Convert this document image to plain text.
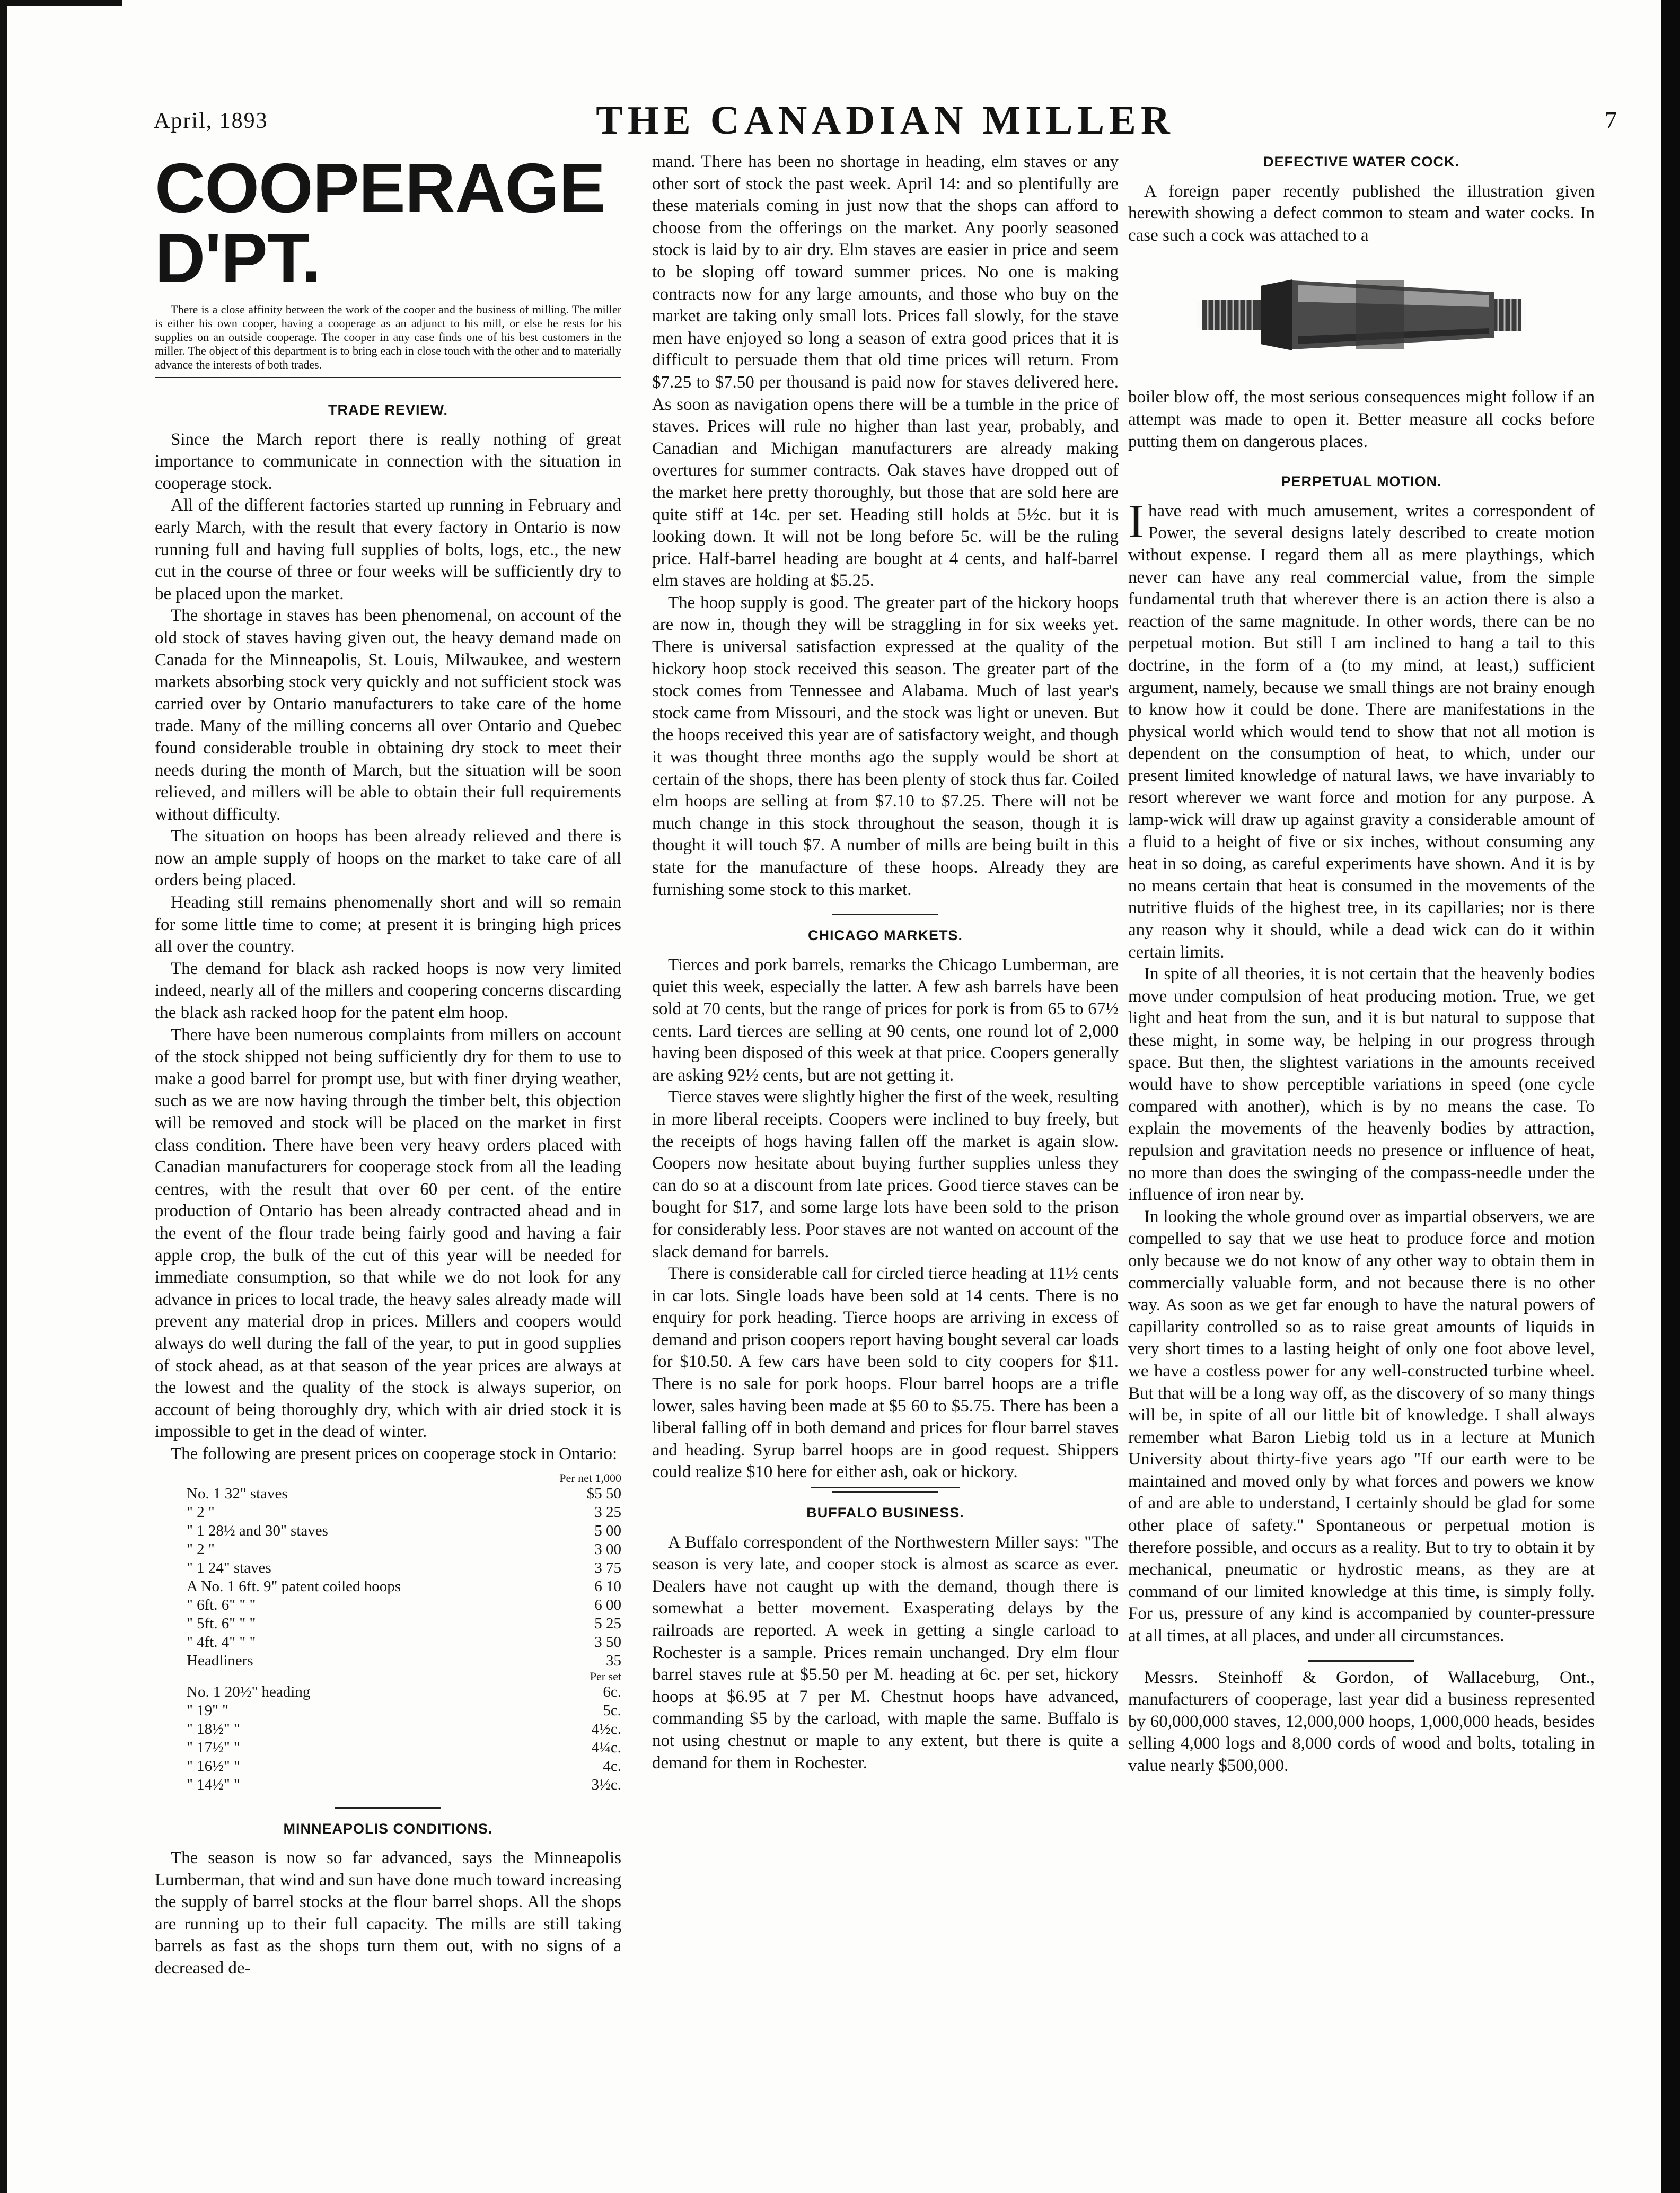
April, 1893	THE CANADIAN MILLER	7
COOPERAGE D'PT.

There is a close affinity between the work of the cooper and the business of milling. The miller is either his own cooper, having a cooperage as an adjunct to his mill, or else he rests for his supplies on an outside cooperage. The cooper in any case finds one of his best customers in the miller. The object of this department is to bring each in close touch with the other and to materially advance the interests of both trades.

TRADE REVIEW.

Since the March report there is really nothing of great importance to communicate in connection with the situation in cooperage stock.

All of the different factories started up running in February and early March, with the result that every factory in Ontario is now running full and having full supplies of bolts, logs, etc., the new cut in the course of three or four weeks will be sufficiently dry to be placed upon the market.

The shortage in staves has been phenomenal, on account of the old stock of staves having given out, the heavy demand made on Canada for the Minneapolis, St. Louis, Milwaukee, and western markets absorbing stock very quickly and not sufficient stock was carried over by Ontario manufacturers to take care of the home trade. Many of the milling concerns all over Ontario and Quebec found considerable trouble in obtaining dry stock to meet their needs during the month of March, but the situation will be soon relieved, and millers will be able to obtain their full requirements without difficulty.

The situation on hoops has been already relieved and there is now an ample supply of hoops on the market to take care of all orders being placed.

Heading still remains phenomenally short and will so remain for some little time to come; at present it is bringing high prices all over the country.

The demand for black ash racked hoops is now very limited indeed, nearly all of the millers and coopering concerns discarding the black ash racked hoop for the patent elm hoop.

There have been numerous complaints from millers on account of the stock shipped not being sufficiently dry for them to use to make a good barrel for prompt use, but with finer drying weather, such as we are now having through the timber belt, this objection will be removed and stock will be placed on the market in first class condition. There have been very heavy orders placed with Canadian manufacturers for cooperage stock from all the leading centres, with the result that over 60 per cent. of the entire production of Ontario has been already contracted ahead and in the event of the flour trade being fairly good and having a fair apple crop, the bulk of the cut of this year will be needed for immediate consumption, so that while we do not look for any advance in prices to local trade, the heavy sales already made will prevent any material drop in prices. Millers and coopers would always do well during the fall of the year, to put in good supplies of stock ahead, as at that season of the year prices are always at the lowest and the quality of the stock is always superior, on account of being thoroughly dry, which with air dried stock it is impossible to get in the dead of winter.

The following are present prices on cooperage stock in Ontario:

Per net 1,000
No. 1 32" staves	$5 50
" 2 "	3 25
" 1 28½ and 30" staves	5 00
" 2 "	3 00
" 1 24" staves	3 75
A No. 1 6ft. 9" patent coiled hoops	6 10
" 6ft. 6" " "	6 00
" 5ft. 6" " "	5 25
" 4ft. 4" " "	3 50
Headliners	35
Per set
No. 1 20½" heading	6c.
" 19" "	5c.
" 18½" "	4½c.
" 17½" "	4¼c.
" 16½" "	4c.
" 14½" "	3½c.
MINNEAPOLIS CONDITIONS.

The season is now so far advanced, says the Minneapolis Lumberman, that wind and sun have done much toward increasing the supply of barrel stocks at the flour barrel shops. All the shops are running up to their full capacity. The mills are still taking barrels as fast as the shops turn them out, with no signs of a decreased de-

mand. There has been no shortage in heading, elm staves or any other sort of stock the past week. April 14: and so plentifully are these materials coming in just now that the shops can afford to choose from the offerings on the market. Any poorly seasoned stock is laid by to air dry. Elm staves are easier in price and seem to be sloping off toward summer prices. No one is making contracts now for any large amounts, and those who buy on the market are taking only small lots. Prices fall slowly, for the stave men have enjoyed so long a season of extra good prices that it is difficult to persuade them that old time prices will return. From $7.25 to $7.50 per thousand is paid now for staves delivered here. As soon as navigation opens there will be a tumble in the price of staves. Prices will rule no higher than last year, probably, and Canadian and Michigan manufacturers are already making overtures for summer contracts. Oak staves have dropped out of the market here pretty thoroughly, but those that are sold here are quite stiff at 14c. per set. Heading still holds at 5½c. but it is looking down. It will not be long before 5c. will be the ruling price. Half-barrel heading are bought at 4 cents, and half-barrel elm staves are holding at $5.25.

The hoop supply is good. The greater part of the hickory hoops are now in, though they will be straggling in for six weeks yet. There is universal satisfaction expressed at the quality of the hickory hoop stock received this season. The greater part of the stock comes from Tennessee and Alabama. Much of last year's stock came from Missouri, and the stock was light or uneven. But the hoops received this year are of satisfactory weight, and though it was thought three months ago the supply would be short at certain of the shops, there has been plenty of stock thus far. Coiled elm hoops are selling at from $7.10 to $7.25. There will not be much change in this stock throughout the season, though it is thought it will touch $7. A number of mills are being built in this state for the manufacture of these hoops. Already they are furnishing some stock to this market.

CHICAGO MARKETS.

Tierces and pork barrels, remarks the Chicago Lumberman, are quiet this week, especially the latter. A few ash barrels have been sold at 70 cents, but the range of prices for pork is from 65 to 67½ cents. Lard tierces are selling at 90 cents, one round lot of 2,000 having been disposed of this week at that price. Coopers generally are asking 92½ cents, but are not getting it.

Tierce staves were slightly higher the first of the week, resulting in more liberal receipts. Coopers were inclined to buy freely, but the receipts of hogs having fallen off the market is again slow. Coopers now hesitate about buying further supplies unless they can do so at a discount from late prices. Good tierce staves can be bought for $17, and some large lots have been sold to the prison for considerably less. Poor staves are not wanted on account of the slack demand for barrels.

There is considerable call for circled tierce heading at 11½ cents in car lots. Single loads have been sold at 14 cents. There is no enquiry for pork heading. Tierce hoops are arriving in excess of demand and prison coopers report having bought several car loads for $10.50. A few cars have been sold to city coopers for $11. There is no sale for pork hoops. Flour barrel hoops are a trifle lower, sales having been made at $5 60 to $5.75. There has been a liberal falling off in both demand and prices for flour barrel staves and heading. Syrup barrel hoops are in good request. Shippers could realize $10 here for either ash, oak or hickory.

BUFFALO BUSINESS.

A Buffalo correspondent of the Northwestern Miller says: "The season is very late, and cooper stock is almost as scarce as ever. Dealers have not caught up with the demand, though there is somewhat a better movement. Exasperating delays by the railroads are reported. A week in getting a single carload to Rochester is a sample. Prices remain unchanged. Dry elm flour barrel staves rule at $5.50 per M. heading at 6c. per set, hickory hoops at $6.95 at 7 per M. Chestnut hoops have advanced, commanding $5 by the carload, with maple the same. Buffalo is not using chestnut or maple to any extent, but there is quite a demand for them in Rochester.

DEFECTIVE WATER COCK.

A foreign paper recently published the illustration given herewith showing a defect common to steam and water cocks. In case such a cock was attached to a

boiler blow off, the most serious consequences might follow if an attempt was made to open it. Better measure all cocks before putting them on dangerous places.

PERPETUAL MOTION.

Ihave read with much amusement, writes a correspondent of Power, the several designs lately described to create motion without expense. I regard them all as mere playthings, which never can have any real commercial value, from the simple fundamental truth that wherever there is an action there is also a reaction of the same magnitude. In other words, there can be no perpetual motion. But still I am inclined to hang a tail to this doctrine, in the form of a (to my mind, at least,) sufficient argument, namely, because we small things are not brainy enough to know how it could be done. There are manifestations in the physical world which would tend to show that not all motion is dependent on the consumption of heat, to which, under our present limited knowledge of natural laws, we have invariably to resort wherever we want force and motion for any purpose. A lamp-wick will draw up against gravity a considerable amount of a fluid to a height of five or six inches, without consuming any heat in so doing, as careful experiments have shown. And it is by no means certain that heat is consumed in the movements of the nutritive fluids of the highest tree, in its capillaries; nor is there any reason why it should, while a dead wick can do it within certain limits.

In spite of all theories, it is not certain that the heavenly bodies move under compulsion of heat producing motion. True, we get light and heat from the sun, and it is but natural to suppose that these might, in some way, be helping in our progress through space. But then, the slightest variations in the amounts received would have to show perceptible variations in speed (one cycle compared with another), which is by no means the case. To explain the movements of the heavenly bodies by attraction, repulsion and gravitation needs no presence or influence of heat, no more than does the swinging of the compass-needle under the influence of iron near by.

In looking the whole ground over as impartial observers, we are compelled to say that we use heat to produce force and motion only because we do not know of any other way to obtain them in commercially valuable form, and not because there is no other way. As soon as we get far enough to have the natural powers of capillarity controlled so as to raise great amounts of liquids in very short times to a lasting height of only one foot above level, we have a costless power for any well-constructed turbine wheel. But that will be a long way off, as the discovery of so many things will be, in spite of all our little bit of knowledge. I shall always remember what Baron Liebig told us in a lecture at Munich University about thirty-five years ago "If our earth were to be maintained and moved only by what forces and powers we know of and are able to understand, I certainly should be glad for some other place of safety." Spontaneous or perpetual motion is therefore possible, and occurs as a reality. But to try to obtain it by mechanical, pneumatic or hydrostic means, as they are at command of our limited knowledge at this time, is simply folly. For us, pressure of any kind is accompanied by counter-pressure at all times, at all places, and under all circumstances.

Messrs. Steinhoff & Gordon, of Wallaceburg, Ont., manufacturers of cooperage, last year did a business represented by 60,000,000 staves, 12,000,000 hoops, 1,000,000 heads, besides selling 4,000 logs and 8,000 cords of wood and bolts, totaling in value nearly $500,000.
